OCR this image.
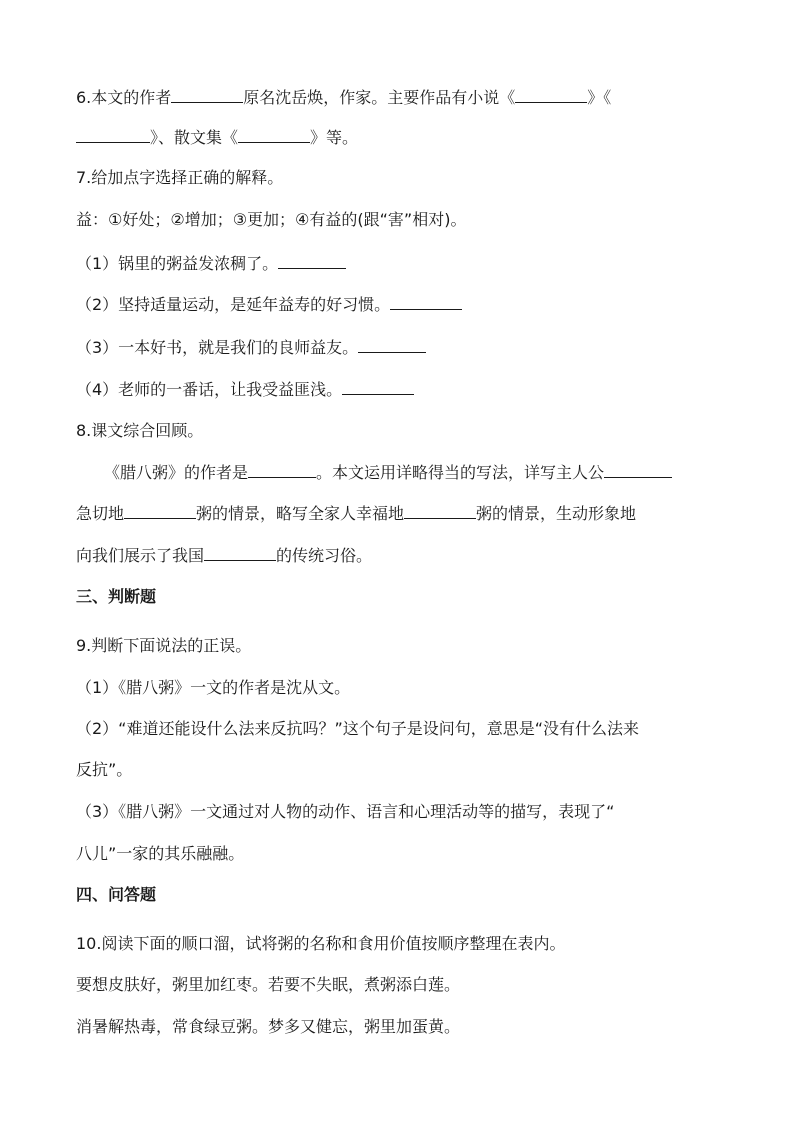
6.本文的作者	原名沈岳焕，作家。主要作品有小说《	》《

》、散文集《	》等。

7.给加点字选择正确的解释。

益：①好处；②增加；③更加；④有益的(跟“害”相对)。

（1）锅里的粥益发浓稠了。

（2）坚持适量运动，是延年益寿的好习惯。

（3）一本好书，就是我们的良师益友。

（4）老师的一番话，让我受益匪浅。

8.课文综合回顾。

《腊八粥》的作者是	。本文运用详略得当的写法，详写主人公

急切地	粥的情景，略写全家人幸福地	粥的情景，生动形象地

向我们展示了我国	的传统习俗。

三、判断题

9.判断下面说法的正误。

（1）《腊八粥》一文的作者是沈从文。

（2）“难道还能设什么法来反抗吗？”这个句子是设问句，意思是“没有什么法来

反抗”。

（3）《腊八粥》一文通过对人物的动作、语言和心理活动等的描写，表现了“

八儿”一家的其乐融融。

四、问答题

10.阅读下面的顺口溜，试将粥的名称和食用价值按顺序整理在表内。

要想皮肤好，粥里加红枣。若要不失眠，煮粥添白莲。

消暑解热毒，常食绿豆粥。梦多又健忘，粥里加蛋黄。
